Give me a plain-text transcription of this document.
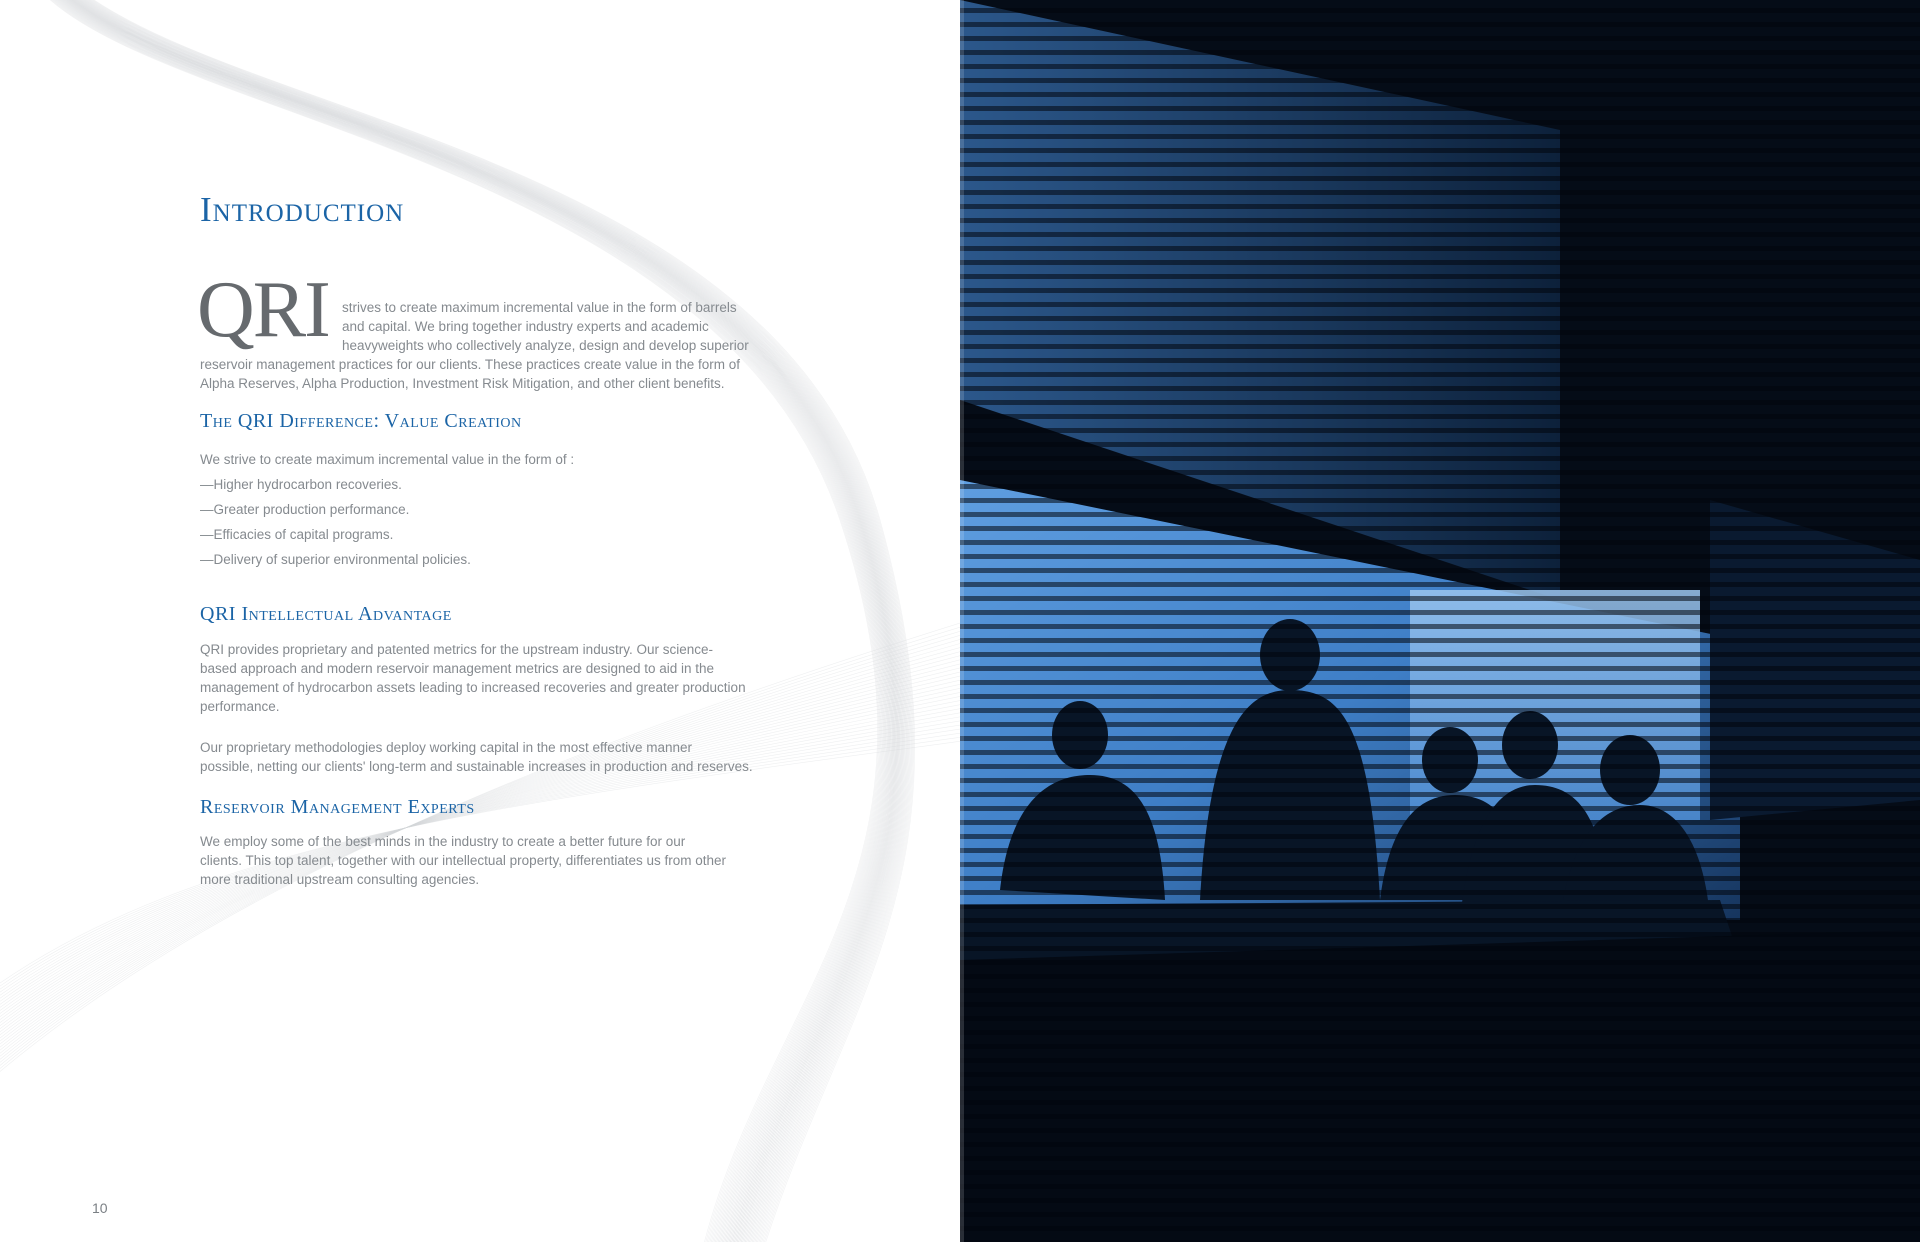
Introduction

QRI strives to create maximum incremental value in the form of barrels

and capital. We bring together industry experts and academic

heavyweights who collectively analyze, design and develop superior

reservoir management practices for our clients. These practices create value in the form of

Alpha Reserves, Alpha Production, Investment Risk Mitigation, and other client benefits.

The QRI Difference: Value Creation

We strive to create maximum incremental value in the form of :

—Higher hydrocarbon recoveries.

—Greater production performance.

—Efficacies of capital programs.

—Delivery of superior environmental policies.

QRI Intellectual Advantage

QRI provides proprietary and patented metrics for the upstream industry. Our science-

based approach and modern reservoir management metrics are designed to aid in the

management of hydrocarbon assets leading to increased recoveries and greater production

performance.

Our proprietary methodologies deploy working capital in the most effective manner

possible, netting our clients' long-term and sustainable increases in production and reserves.

Reservoir Management Experts

We employ some of the best minds in the industry to create a better future for our

clients. This top talent, together with our intellectual property, differentiates us from other

more traditional upstream consulting agencies.

10
